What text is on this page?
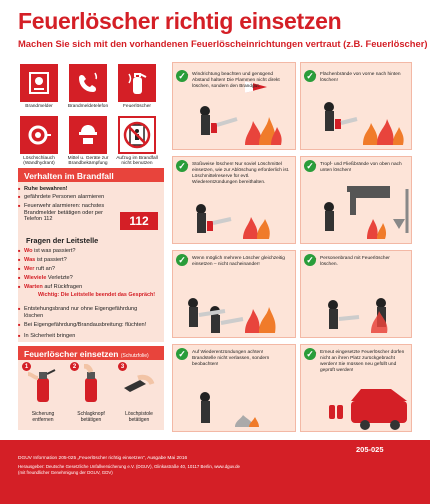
Feuerlöscher richtig einsetzen
Machen Sie sich mit den vorhandenen Feuerlöscheinrichtungen vertraut (z.B. Feuerlöscher)
Brandmelder	Brandmeldetelefon	Feuerlöscher
Löschschlauch (Wandhydrant)
Mittel u. Geräte zur Brandbekämpfung
Aufzug im Brandfall nicht benutzen
Verhalten im Brandfall
■ Ruhe bewahren!
■ gefährdete Personen alarmieren
■ Feuerwehr alarmieren: nachstes Brandmelder betätigen oder per Telefon 112	112
Fragen der Leitstelle
■ Wo ist was passiert?
■ Was ist passiert?
■ Wer ruft an?
■ Wieviele Verletzte?
■ Warten auf Rückfragen
Wichtig: Die Leitstelle beendet das Gespräch!
■ Entstehungsbrand nur ohne Eigengefährdung löschen
■ Bei Eigengefährdung/Brandausbreitung: flüchten!
■ In Sicherheit bringen
Feuerlöscher einsetzen (Schutzfolie)
1	2	3
Sicherung entfernen
Schlagknopf betätigen
Löschpistole betätigen
■ Windrichtung beachten und genügend Abstand halten! Die Flammen nicht direkt löschen, sondern den Brandgut.
✓	■ Flächenbrände von vorne nach hinten löschen!
✓
■ Stoßweise löschen! Nur soviel Löschmittel einsetzen, wie zur Ablöschung erforderlich ist. Löschmittelreserve für evtl. Wiederentzündungen bereithalten.
✓	■ Tropf- und Fließbrände von oben nach unten löschen!
✓
■ Wenn möglich mehrere Löscher gleichzeitig einsetzen – nicht nacheinander!
✓	■ Personenbrand mit Feuerlöscher löschen.
✓
■ Auf Wiederentzündungen achten! Brandstelle nicht verlassen, sondern beobachten!
✓	■ Erneut eingesetzte Feuerlöscher dürfen nicht an ihren Platz zurückgebracht werden! Sie müssen neu gefüllt und geprüft werden!
✓
205-025
DGUV Information 205-025 „Feuerlöscher richtig einsetzen", Ausgabe Mai 2016
Herausgeber: Deutsche Gesetzliche Unfallversicherung e.V. (DGUV), Glinkastraße 40, 10117 Berlin, www.dguv.de
(mit freundlicher Genehmigung der DGUV, GDV)
